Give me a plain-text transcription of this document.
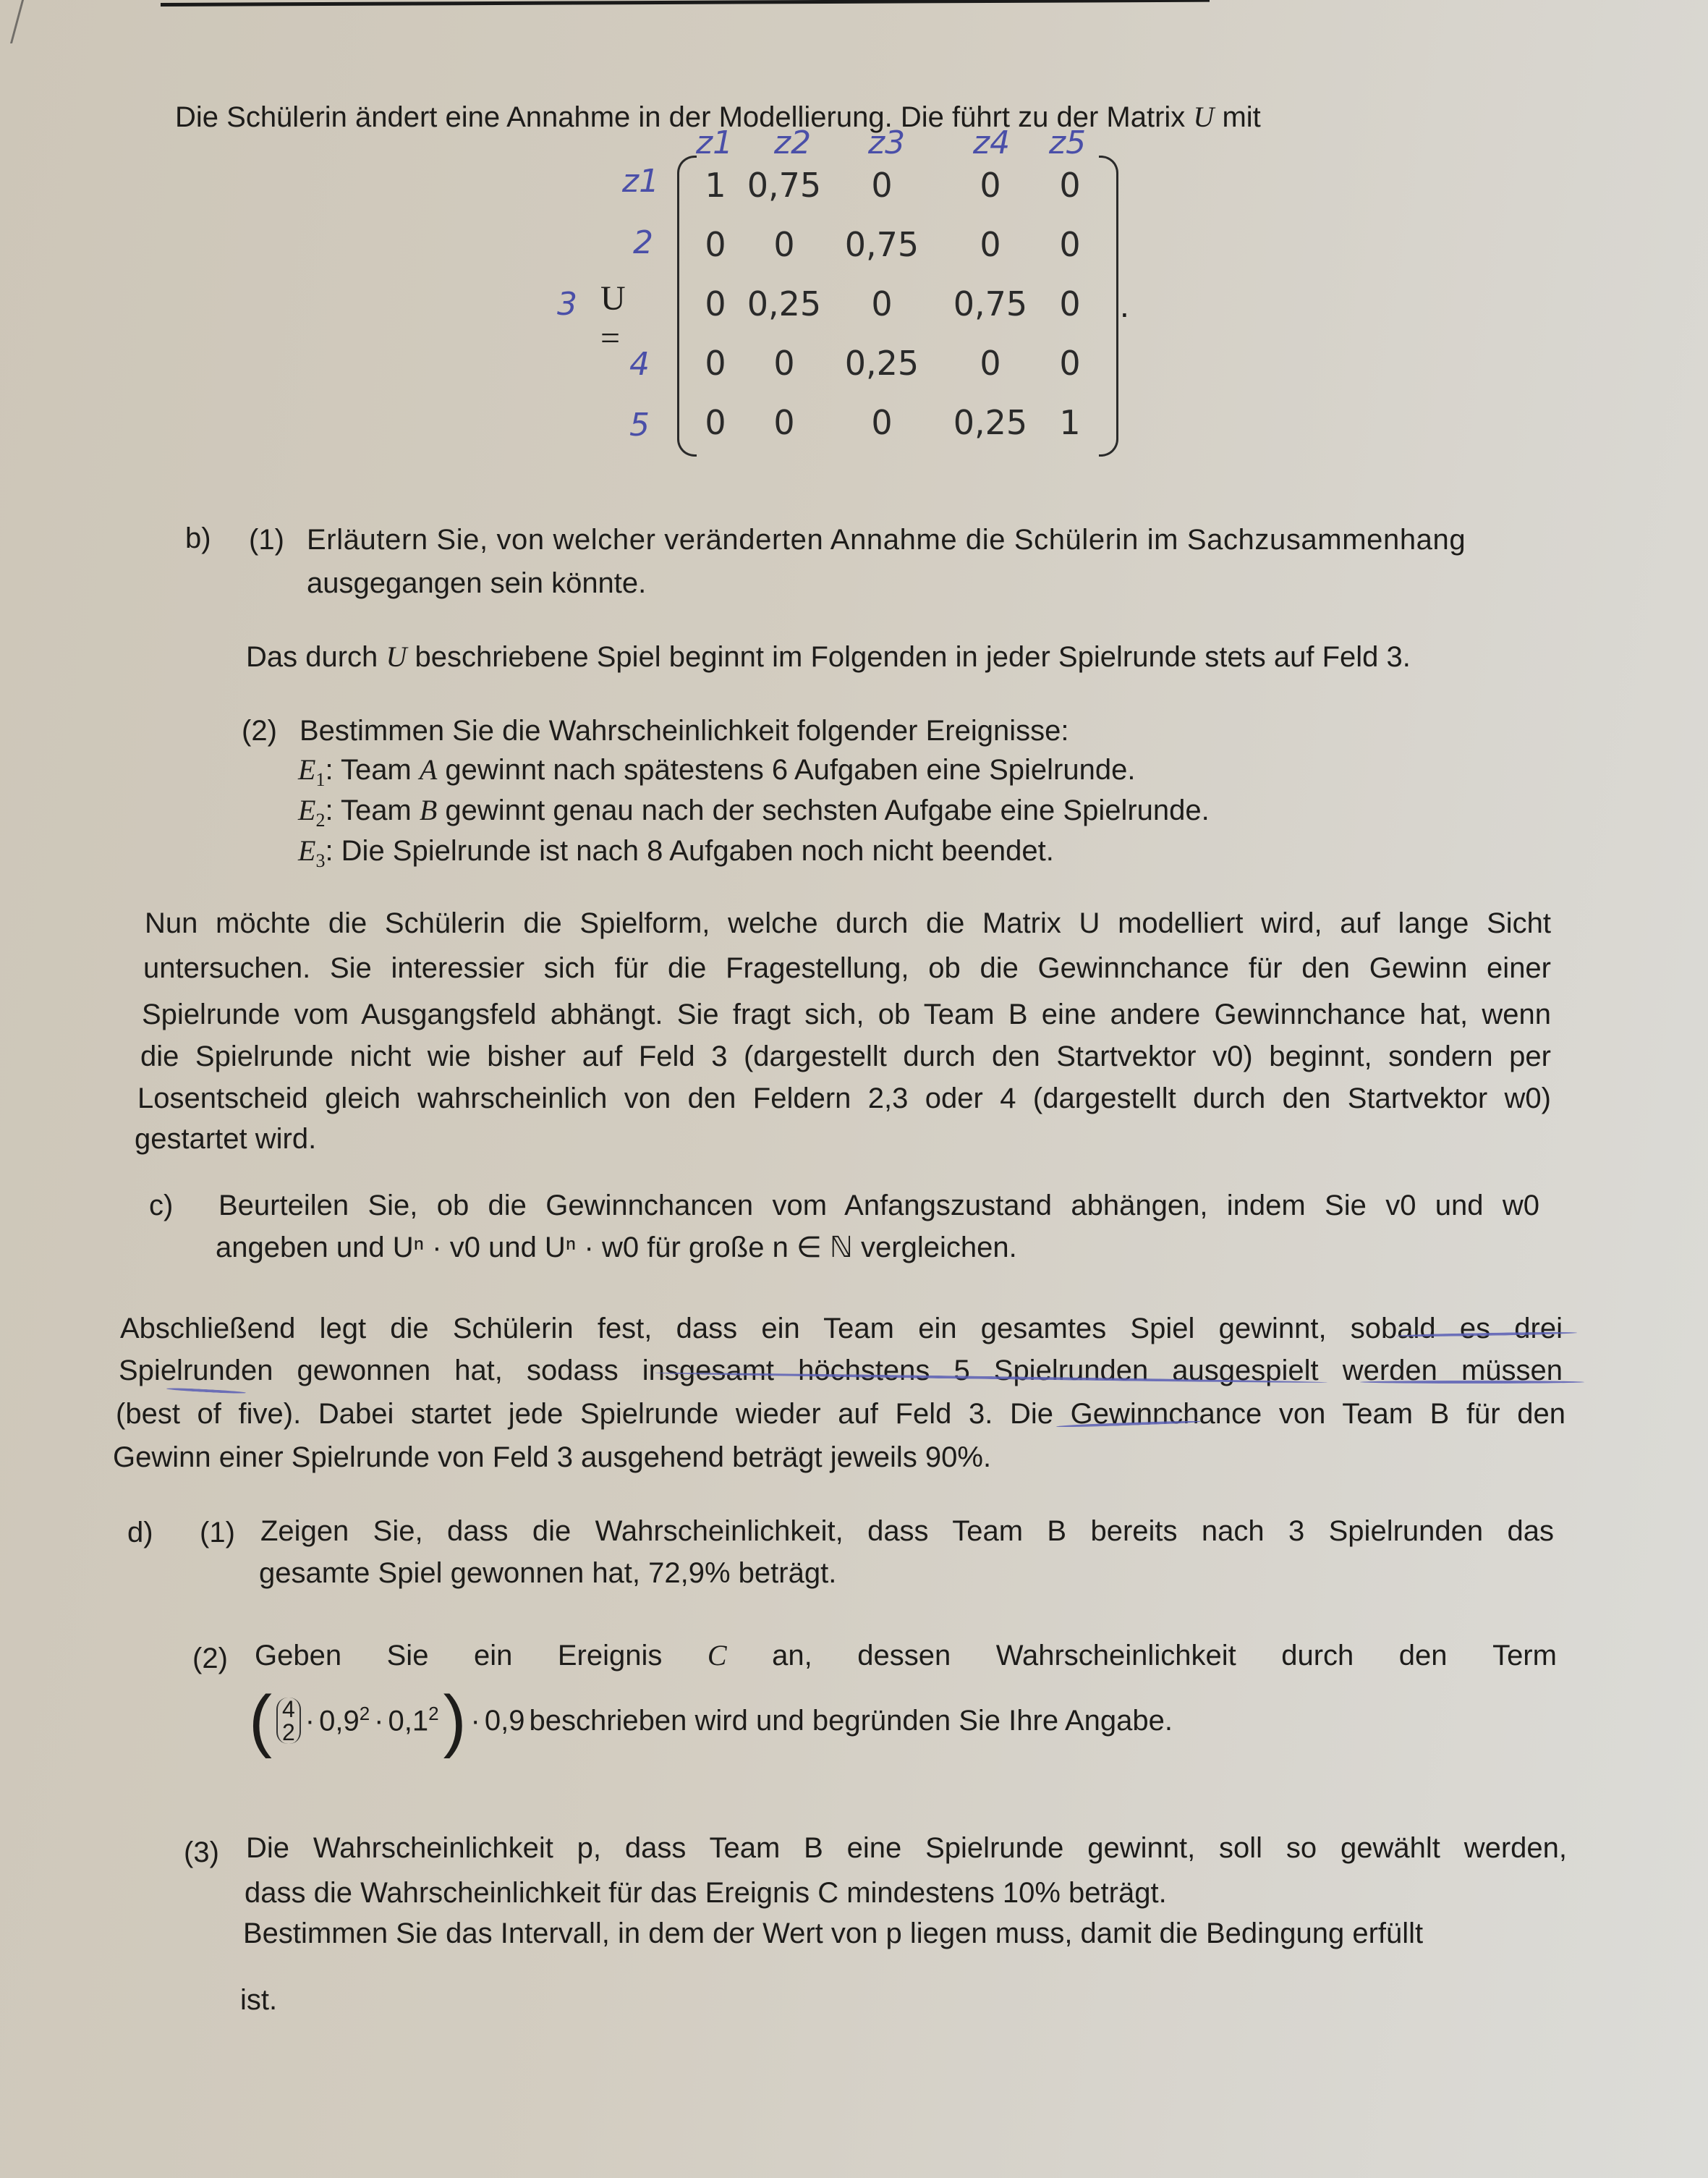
Die Schülerin ändert eine Annahme in der Modellierung. Die führt zu der Matrix U mit
z1 z2 z3 z4 z5
z1
2
3
4
5
U =
1	0,75	0	0	0
0	0	0,75	0	0
0	0,25	0	0,75	0
0	0	0,25	0	0
0	0	0	0,25	1
.
b) (1) Erläutern Sie, von welcher veränderten Annahme die Schülerin im Sachzusammenhang
ausgegangen sein könnte.
Das durch U beschriebene Spiel beginnt im Folgenden in jeder Spielrunde stets auf Feld 3.
(2) Bestimmen Sie die Wahrscheinlichkeit folgender Ereignisse:
$E_1$: Team A gewinnt nach spätestens 6 Aufgaben eine Spielrunde.
$E_2$: Team B gewinnt genau nach der sechsten Aufgabe eine Spielrunde.
$E_3$: Die Spielrunde ist nach 8 Aufgaben noch nicht beendet.
Nun möchte die Schülerin die Spielform, welche durch die Matrix U modelliert wird, auf lange Sicht
untersuchen. Sie interessier sich für die Fragestellung, ob die Gewinnchance für den Gewinn einer
Spielrunde vom Ausgangsfeld abhängt. Sie fragt sich, ob Team B eine andere Gewinnchance hat, wenn
die Spielrunde nicht wie bisher auf Feld 3 (dargestellt durch den Startvektor v0) beginnt, sondern per
Losentscheid gleich wahrscheinlich von den Feldern 2,3 oder 4 (dargestellt durch den Startvektor w0)
gestartet wird.
c) Beurteilen Sie, ob die Gewinnchancen vom Anfangszustand abhängen, indem Sie v0 und w0
angeben und Uⁿ · v0 und Uⁿ · w0 für große n ∈ ℕ vergleichen.
Abschließend legt die Schülerin fest, dass ein Team ein gesamtes Spiel gewinnt, sobald es drei
Spielrunden gewonnen hat, sodass insgesamt höchstens 5 Spielrunden ausgespielt werden müssen
(best of five). Dabei startet jede Spielrunde wieder auf Feld 3. Die Gewinnchance von Team B für den
Gewinn einer Spielrunde von Feld 3 ausgehend beträgt jeweils 90%.
d) (1) Zeigen Sie, dass die Wahrscheinlichkeit, dass Team B bereits nach 3 Spielrunden das
gesamte Spiel gewonnen hat, 72,9% beträgt.
(2) Geben Sie ein Ereignis C an, dessen Wahrscheinlichkeit durch den Term
( 4
$2 \cdot 0,9^2 \cdot 0,1^2$ ) · 0,9 beschrieben wird und begründen Sie Ihre Angabe.
(3) Die Wahrscheinlichkeit p, dass Team B eine Spielrunde gewinnt, soll so gewählt werden,
dass die Wahrscheinlichkeit für das Ereignis C mindestens 10% beträgt.
Bestimmen Sie das Intervall, in dem der Wert von p liegen muss, damit die Bedingung erfüllt
ist.
